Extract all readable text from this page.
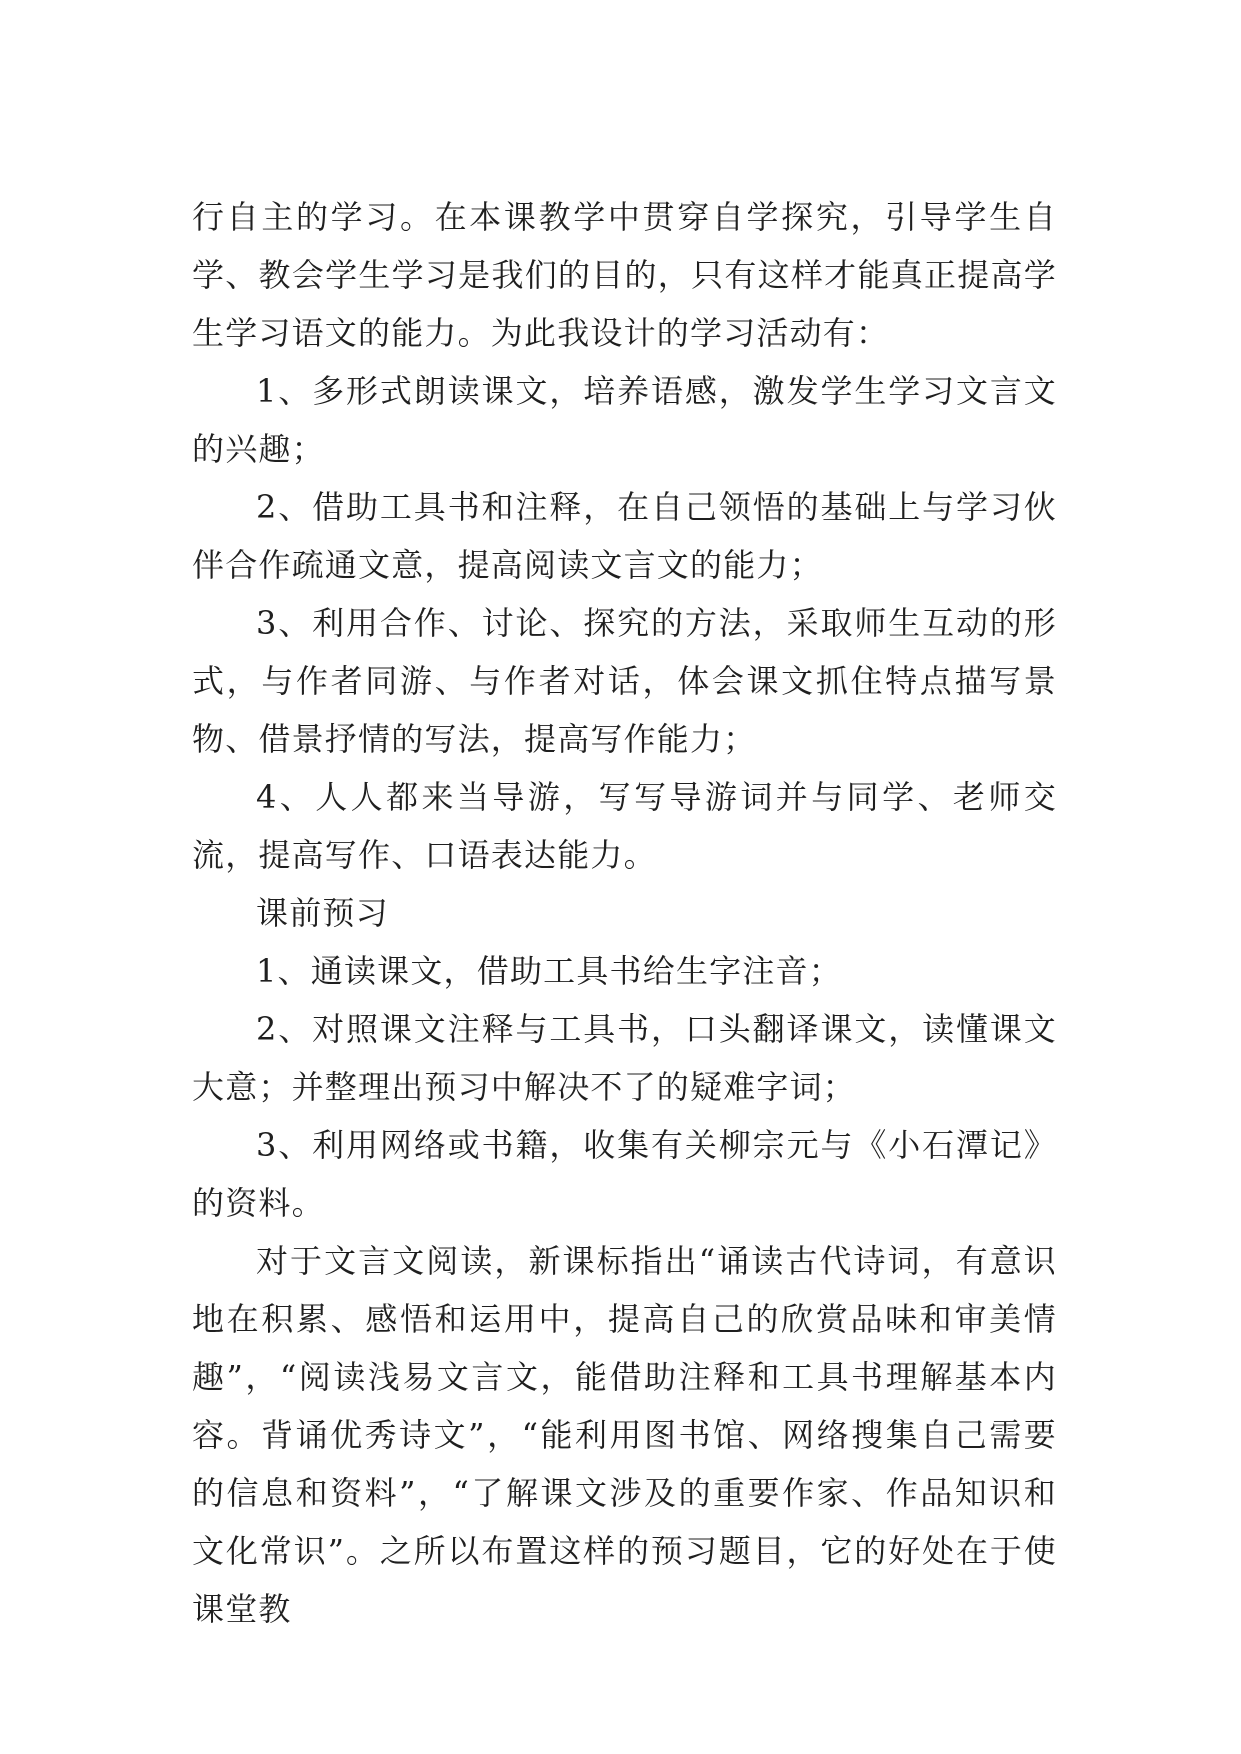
行自主的学习。在本课教学中贯穿自学探究，引导学生自学、教会学生学习是我们的目的，只有这样才能真正提高学生学习语文的能力。为此我设计的学习活动有：

1、多形式朗读课文，培养语感，激发学生学习文言文的兴趣；

2、借助工具书和注释，在自己领悟的基础上与学习伙伴合作疏通文意，提高阅读文言文的能力；

3、利用合作、讨论、探究的方法，采取师生互动的形式，与作者同游、与作者对话，体会课文抓住特点描写景物、借景抒情的写法，提高写作能力；

4、人人都来当导游，写写导游词并与同学、老师交流，提高写作、口语表达能力。

课前预习

1、通读课文，借助工具书给生字注音；

2、对照课文注释与工具书，口头翻译课文，读懂课文大意；并整理出预习中解决不了的疑难字词；

3、利用网络或书籍，收集有关柳宗元与《小石潭记》的资料。

对于文言文阅读，新课标指出“诵读古代诗词，有意识地在积累、感悟和运用中，提高自己的欣赏品味和审美情趣”，“阅读浅易文言文，能借助注释和工具书理解基本内容。背诵优秀诗文”，“能利用图书馆、网络搜集自己需要的信息和资料”，“了解课文涉及的重要作家、作品知识和文化常识”。之所以布置这样的预习题目，它的好处在于使课堂教
